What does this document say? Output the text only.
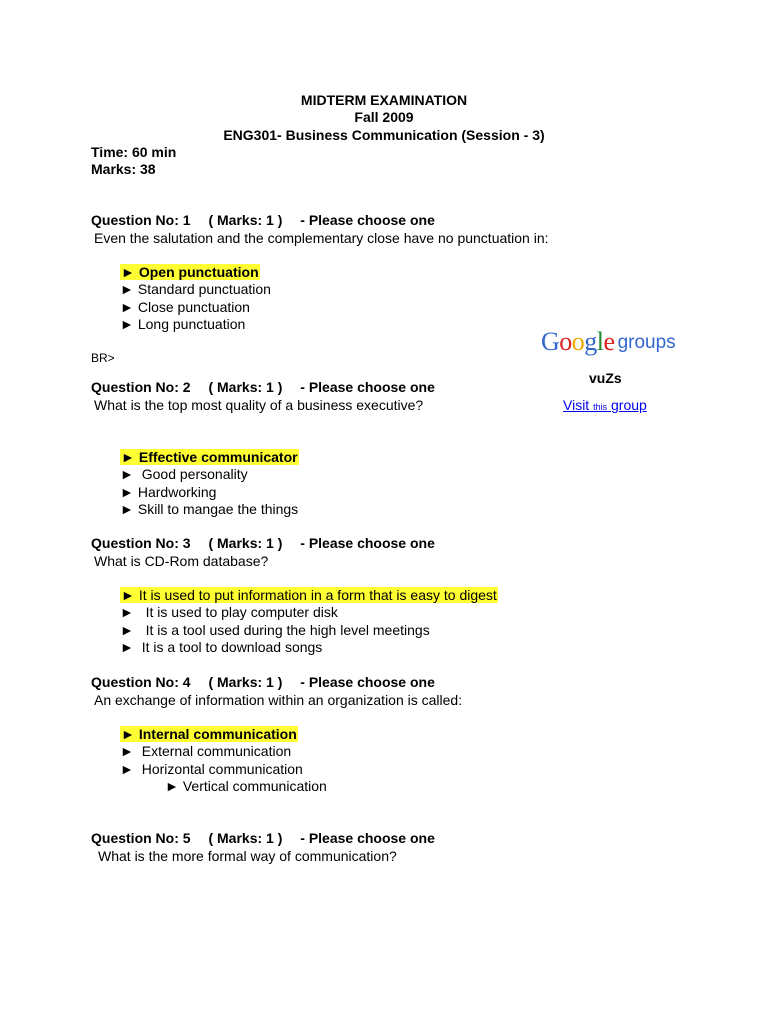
MIDTERM EXAMINATION
Fall 2009
ENG301- Business Communication (Session - 3)
Time: 60 min
Marks: 38
Question No: 1 ( Marks: 1 ) - Please choose one
Even the salutation and the complementary close have no punctuation in:
► Open punctuation
► Standard punctuation
► Close punctuation
► Long punctuation
BR>
Google groups
vuZs
Visit this group
Question No: 2 ( Marks: 1 ) - Please choose one
What is the top most quality of a business executive?
► Effective communicator
► Good personality
► Hardworking
► Skill to mangae the things
Question No: 3 ( Marks: 1 ) - Please choose one
What is CD-Rom database?
► It is used to put information in a form that is easy to digest
► It is used to play computer disk
► It is a tool used during the high level meetings
► It is a tool to download songs
Question No: 4 ( Marks: 1 ) - Please choose one
An exchange of information within an organization is called:
► Internal communication
► External communication
► Horizontal communication
► Vertical communication
Question No: 5 ( Marks: 1 ) - Please choose one
What is the more formal way of communication?
